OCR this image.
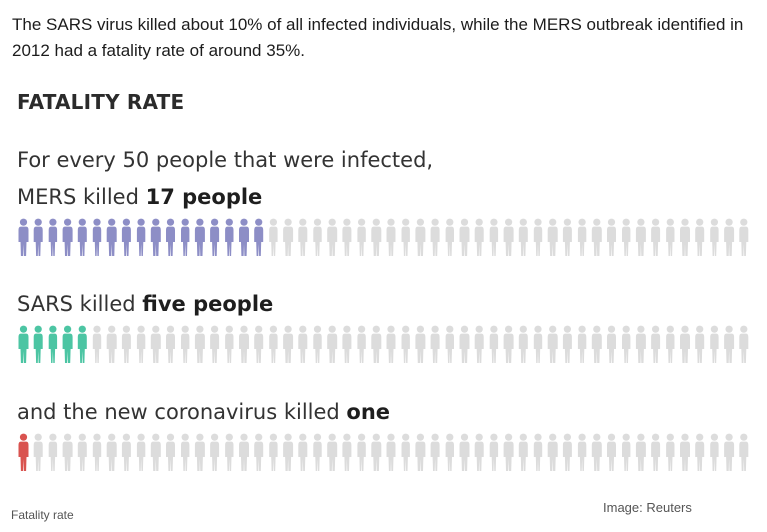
The SARS virus killed about 10% of all infected individuals, while the MERS outbreak identified in 2012 had a fatality rate of around 35%.
FATALITY RATE
For every 50 people that were infected,
MERS killed 17 people
SARS killed five people
and the new coronavirus killed one
Fatality rate	Image: Reuters
